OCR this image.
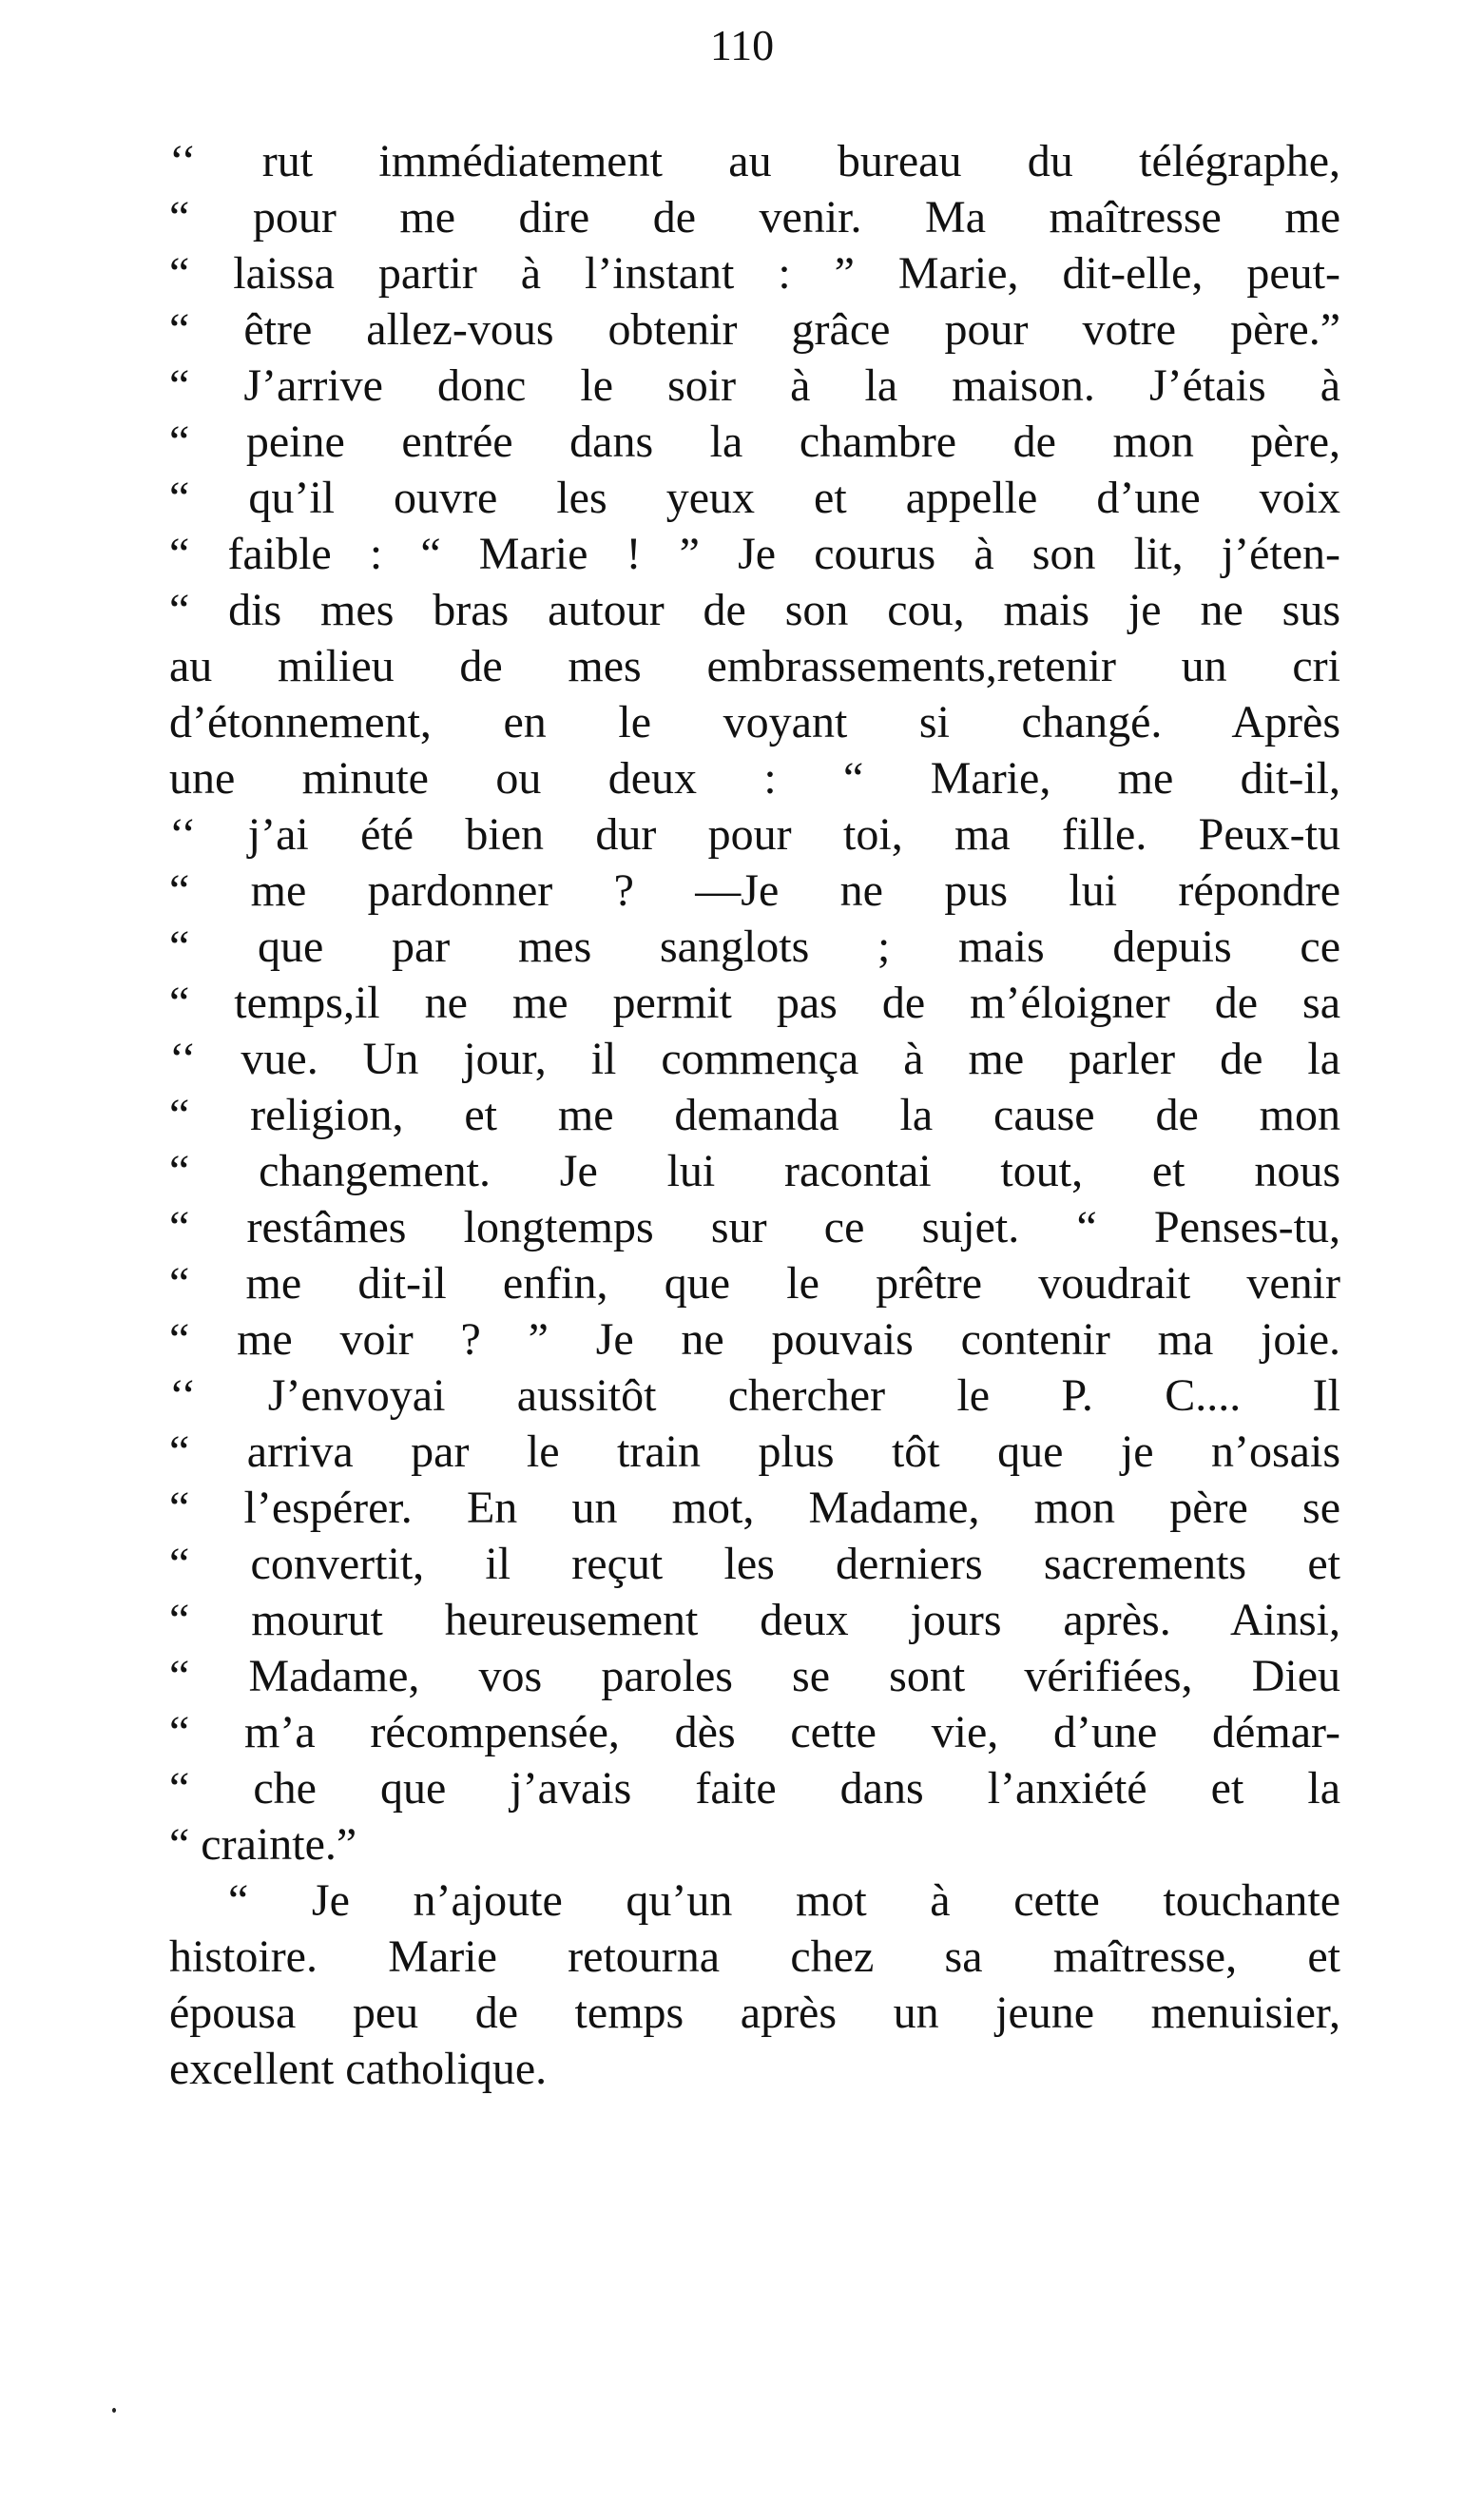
110
‘‘ rut immédiatement au bureau du télégraphe,
“ pour me dire de venir. Ma maîtresse me
“ laissa partir à l’instant : ” Marie, dit-elle, peut-
“ être allez-vous obtenir grâce pour votre père.”
“ J’arrive donc le soir à la maison. J’étais à
“ peine entrée dans la chambre de mon père,
“ qu’il ouvre les yeux et appelle d’une voix
“ faible : “ Marie ! ” Je courus à son lit, j’éten-
“ dis mes bras autour de son cou, mais je ne sus
au milieu de mes embrassements,retenir un cri
d’étonnement, en le voyant si changé. Après
une minute ou deux : “ Marie, me dit-il,
‘‘ j’ai été bien dur pour toi, ma fille. Peux-tu
“ me pardonner ? —Je ne pus lui répondre
“ que par mes sanglots ; mais depuis ce
“ temps,il ne me permit pas de m’éloigner de sa
‘‘ vue. Un jour, il commença à me parler de la
“ religion, et me demanda la cause de mon
“ changement. Je lui racontai tout, et nous
“ restâmes longtemps sur ce sujet. “ Penses-tu,
“ me dit-il enfin, que le prêtre voudrait venir
“ me voir ? ” Je ne pouvais contenir ma joie.
‘‘ J’envoyai aussitôt chercher le P. C.... Il
“ arriva par le train plus tôt que je n’osais
“ l’espérer. En un mot, Madame, mon père se
“ convertit, il reçut les derniers sacrements et
“ mourut heureusement deux jours après. Ainsi,
“ Madame, vos paroles se sont vérifiées, Dieu
“ m’a récompensée, dès cette vie, d’une démar-
“ che que j’avais faite dans l’anxiété et la
“ crainte.”
“ Je n’ajoute qu’un mot à cette touchante
histoire. Marie retourna chez sa maîtresse, et
épousa peu de temps après un jeune menuisier,
excellent catholique.
